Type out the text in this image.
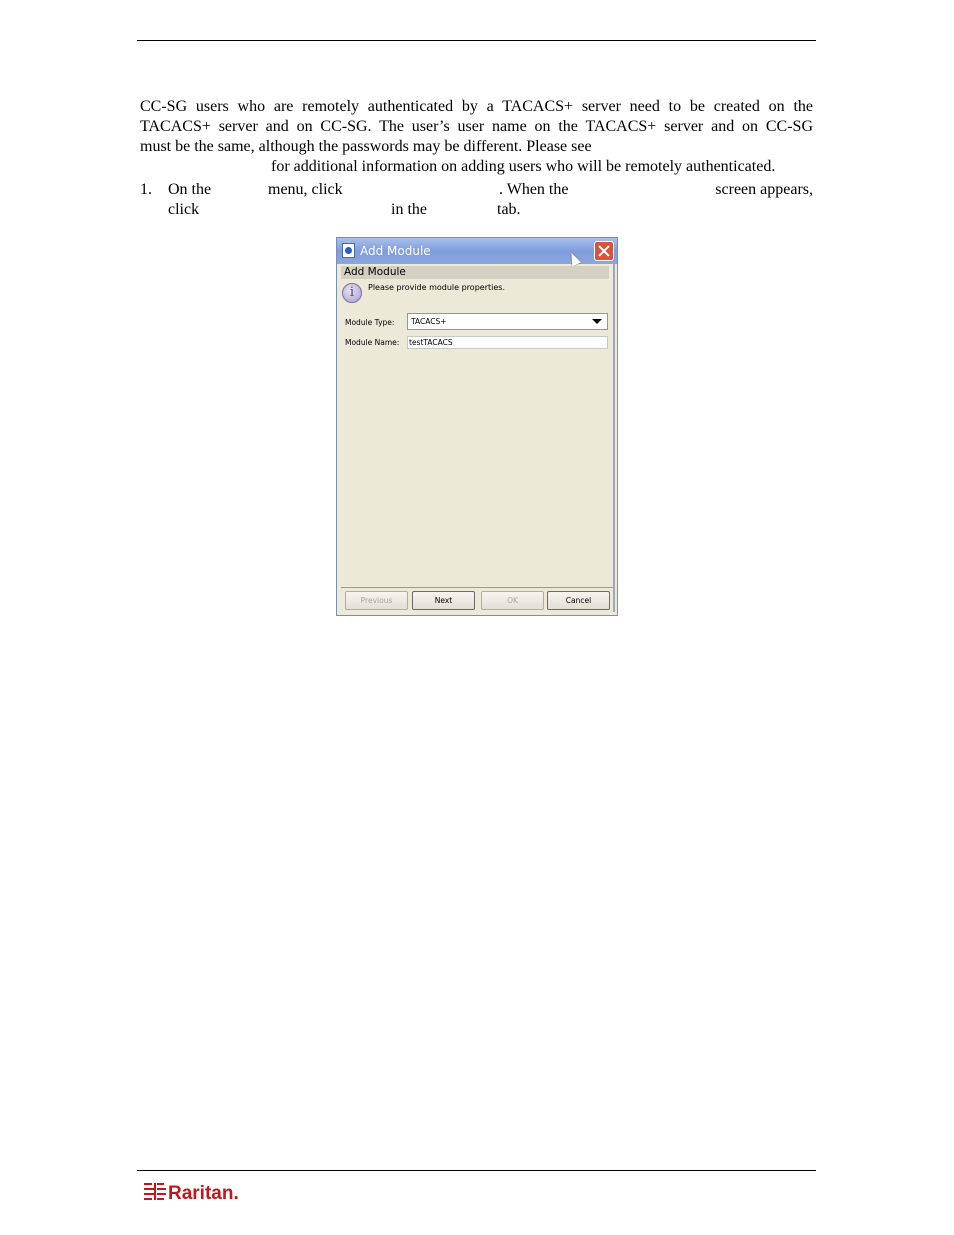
CC-SG users who are remotely authenticated by a TACACS+ server need to be created on the
TACACS+ server and on CC-SG. The user’s user name on the TACACS+ server and on CC-SG
must be the same, although the passwords may be different. Please see
for additional information on adding users who will be remotely authenticated.
1. On the	menu, click	. When the	screen appears,
click	in the	tab.
Add Module
Add Module
i	Please provide module properties.
Module Type: TACACS+
Module Name: testTACACS
Previous	Next	OK	Cancel
Raritan.
